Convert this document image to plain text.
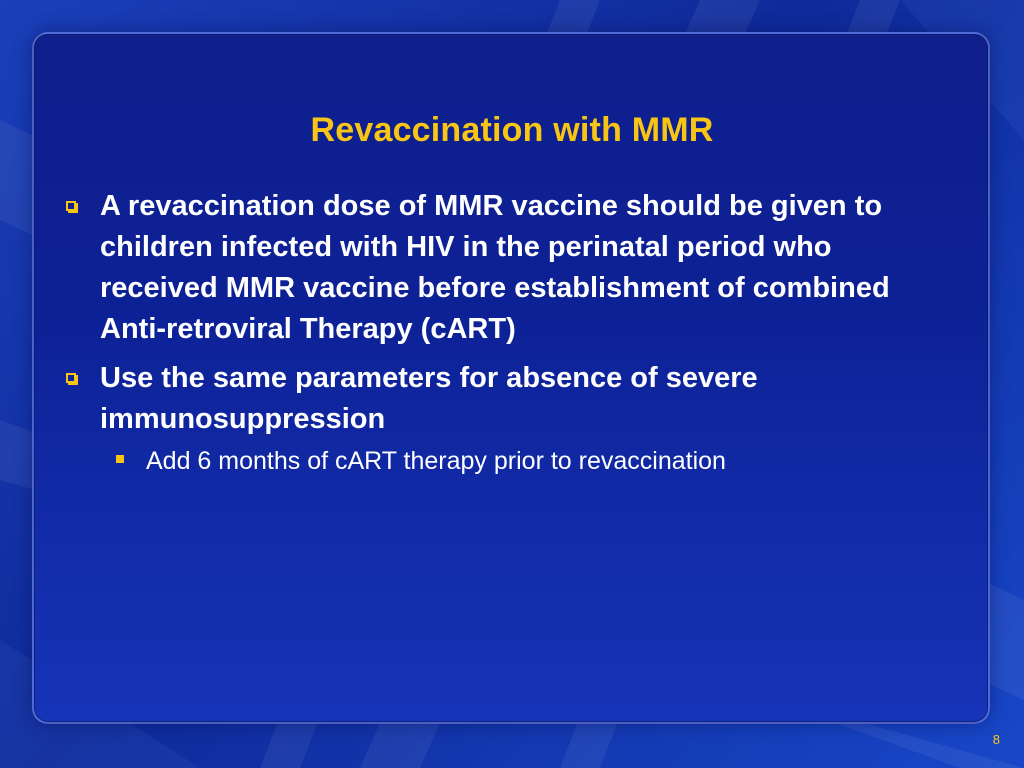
Revaccination with MMR
A revaccination dose of MMR vaccine should be given to children infected with HIV in the perinatal period who received MMR vaccine before establishment of combined Anti-retroviral Therapy (cART)
Use the same parameters for absence of severe immunosuppression
Add 6 months of cART therapy prior to revaccination
8
